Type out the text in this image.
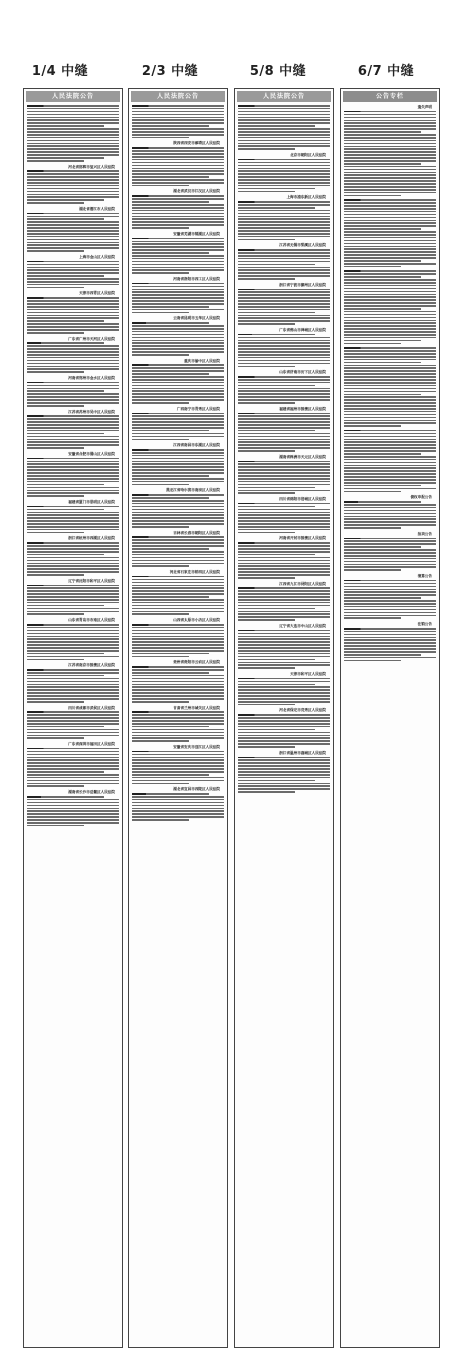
1/4 中缝	2/3 中缝	5/8 中缝	6/7 中缝
人民法院公告
河北省邯郸市复兴区人民法院
湖北省潜江市人民法院
上海市金山区人民法院
天津市西青区人民法院
广东省广州市天河区人民法院
河南省郑州市金水区人民法院
江苏省苏州市吴中区人民法院
安徽省合肥市蜀山区人民法院
福建省厦门市思明区人民法院
浙江省杭州市西湖区人民法院
辽宁省沈阳市和平区人民法院
山东省青岛市市南区人民法院
江苏省南京市鼓楼区人民法院
四川省成都市武侯区人民法院
广东省深圳市福田区人民法院
湖南省长沙市岳麓区人民法院
人民法院公告
陕西省西安市雁塔区人民法院
湖北省武汉市江汉区人民法院
安徽省芜湖市镜湖区人民法院
河南省洛阳市西工区人民法院
云南省昆明市五华区人民法院
重庆市渝中区人民法院
广西南宁市青秀区人民法院
江西省南昌市东湖区人民法院
黑龙江省哈尔滨市南岗区人民法院
吉林省长春市朝阳区人民法院
河北省石家庄市桥西区人民法院
山西省太原市小店区人民法院
贵州省贵阳市云岩区人民法院
甘肃省兰州市城关区人民法院
安徽省安庆市迎江区人民法院
湖北省宜昌市西陵区人民法院
人民法院公告
北京市朝阳区人民法院
上海市浦东新区人民法院
江苏省无锡市梁溪区人民法院
浙江省宁波市鄞州区人民法院
广东省佛山市禅城区人民法院
山东省济南市历下区人民法院
福建省福州市鼓楼区人民法院
湖南省株洲市天元区人民法院
四川省绵阳市涪城区人民法院
河南省开封市鼓楼区人民法院
江西省九江市浔阳区人民法院
辽宁省大连市中山区人民法院
天津市和平区人民法院
河北省保定市竞秀区人民法院
浙江省温州市鹿城区人民法院
公告专栏
遗失声明
债权申报公告
拍卖公告
清算公告
注销公告
